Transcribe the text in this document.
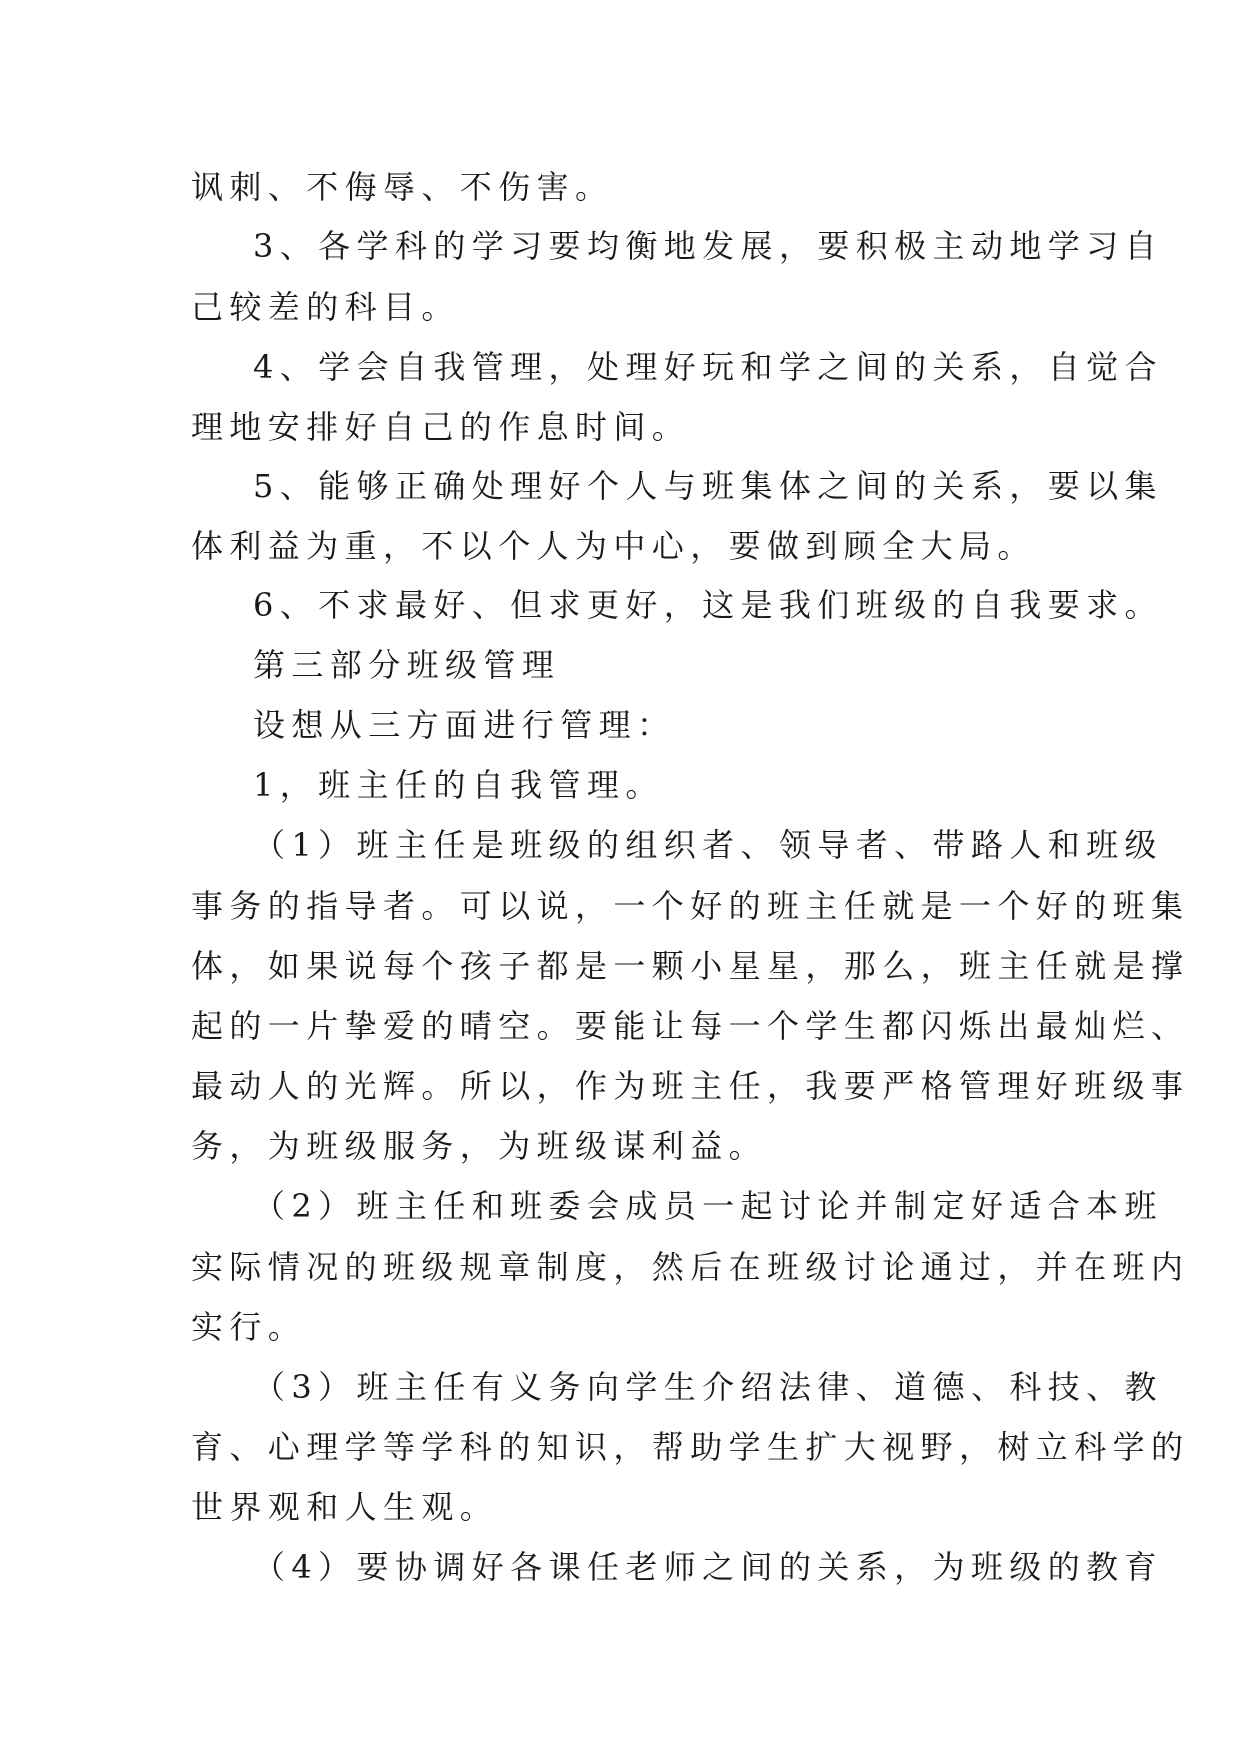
讽刺、不侮辱、不伤害。
3、各学科的学习要均衡地发展，要积极主动地学习自
己较差的科目。
4、学会自我管理，处理好玩和学之间的关系，自觉合
理地安排好自己的作息时间。
5、能够正确处理好个人与班集体之间的关系，要以集
体利益为重，不以个人为中心，要做到顾全大局。
6、不求最好、但求更好，这是我们班级的自我要求。
第三部分班级管理
设想从三方面进行管理：
1，班主任的自我管理。
（1）班主任是班级的组织者、领导者、带路人和班级
事务的指导者。可以说，一个好的班主任就是一个好的班集
体，如果说每个孩子都是一颗小星星，那么，班主任就是撑
起的一片挚爱的晴空。要能让每一个学生都闪烁出最灿烂、
最动人的光辉。所以，作为班主任，我要严格管理好班级事
务，为班级服务，为班级谋利益。
（2）班主任和班委会成员一起讨论并制定好适合本班
实际情况的班级规章制度，然后在班级讨论通过，并在班内
实行。
（3）班主任有义务向学生介绍法律、道德、科技、教
育、心理学等学科的知识，帮助学生扩大视野，树立科学的
世界观和人生观。
（4）要协调好各课任老师之间的关系，为班级的教育
